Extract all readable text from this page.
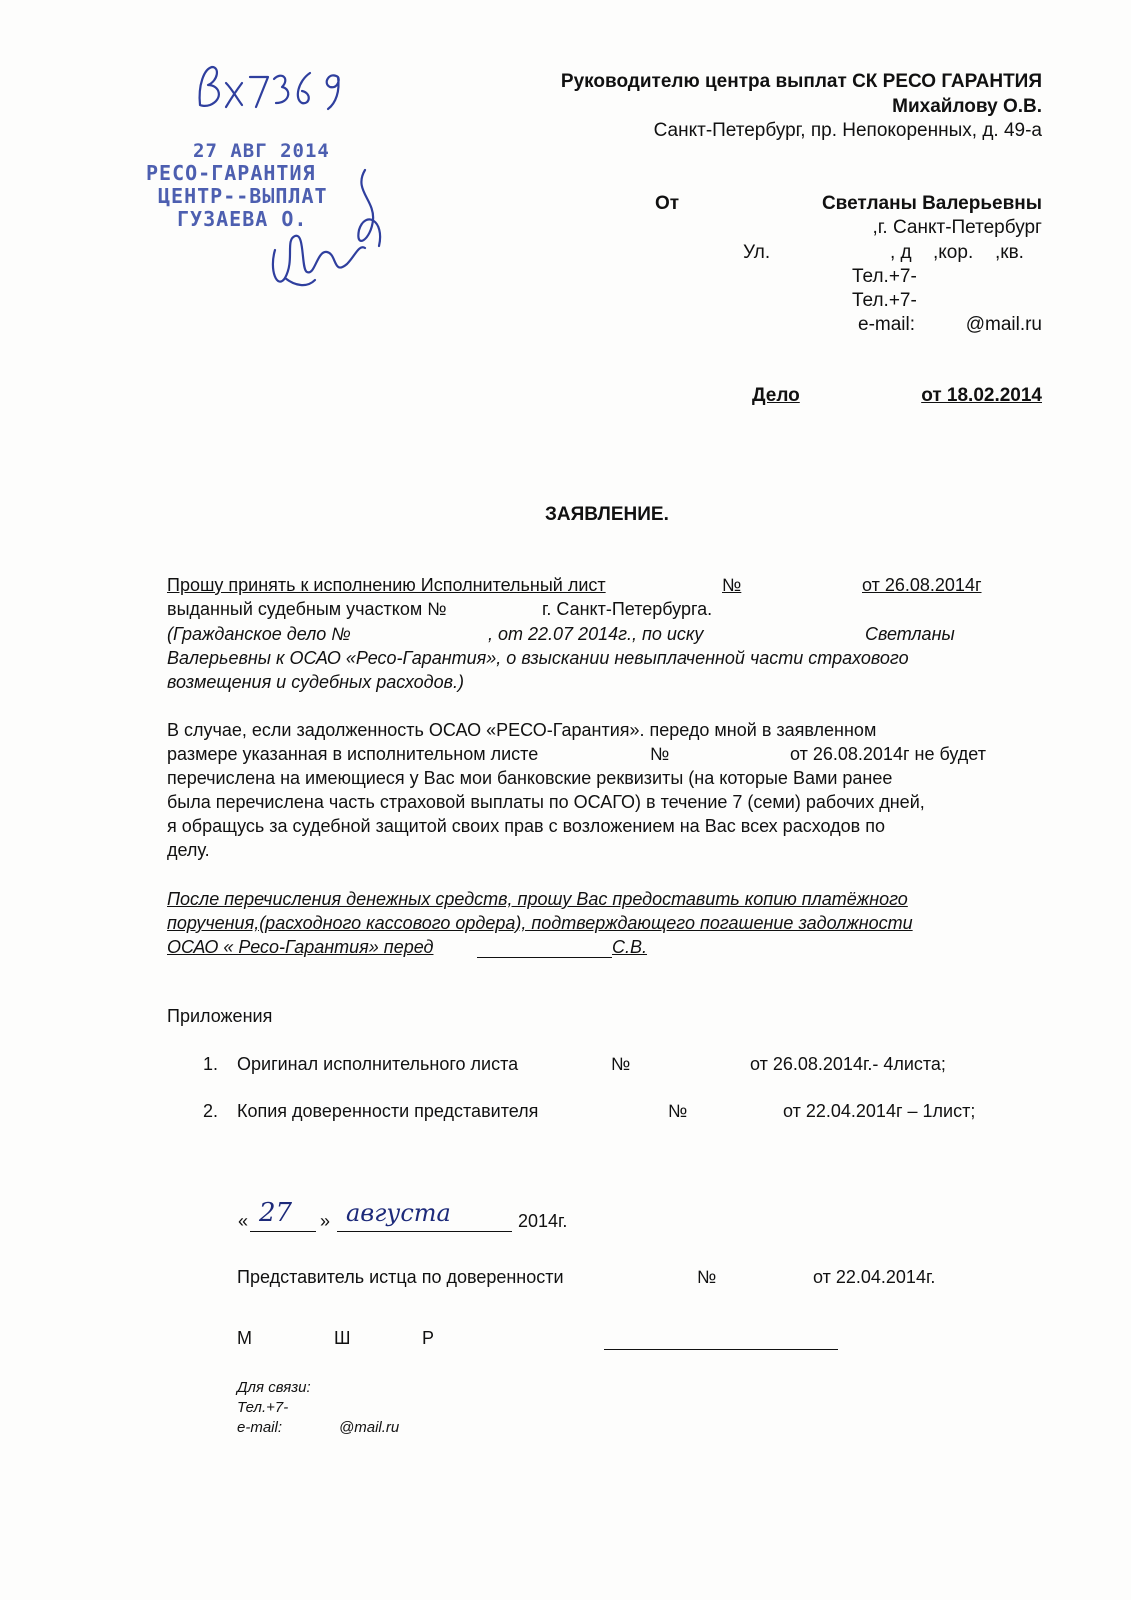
27 АВГ 2014
РЕСО-ГАРАНТИЯ
ЦЕНТР--ВЫПЛАТ
ГУЗАЕВА О.
Руководителю центра выплат СК РЕСО ГАРАНТИЯ
Михайлову О.В.
Санкт-Петербург, пр. Непокоренных, д. 49-а
От	Светланы Валерьевны
,г. Санкт-Петербург
Ул.	, д ,кор. ,кв.
Тел.+7-
Тел.+7-
e-mail:	@mail.ru
Дело	от 18.02.2014
ЗАЯВЛЕНИЕ.
Прошу принять к исполнению Исполнительный лист	№	от 26.08.2014г
выданный судебным участком №	г. Санкт-Петербурга.
(Гражданское дело №	, от 22.07 2014г., по иску	Светланы
Валерьевны к ОСАО «Ресо-Гарантия», о взыскании невыплаченной части страхового
возмещения и судебных расходов.)
В случае, если задолженность ОСАО «РЕСО-Гарантия». передо мной в заявленном
размере указанная в исполнительном листе	№	от 26.08.2014г не будет
перечислена на имеющиеся у Вас мои банковские реквизиты (на которые Вами ранее
была перечислена часть страховой выплаты по ОСАГО) в течение 7 (семи) рабочих дней,
я обращусь за судебной защитой своих прав с возложением на Вас всех расходов по
делу.
После перечисления денежных средств, прошу Вас предоставить копию платёжного
поручения,(расходного кассового ордера), подтверждающего погашение задолжности
ОСАО « Ресо-Гарантия» перед	С.В.
Приложения
1. Оригинал исполнительного листа	№	от 26.08.2014г.- 4листа;
2. Копия доверенности представителя	№	от 22.04.2014г – 1лист;
« 27 » августа	2014г.
Представитель истца по доверенности	№	от 22.04.2014г.
М	Ш	Р
Для связи:
Тел.+7-
e-mail:	@mail.ru
